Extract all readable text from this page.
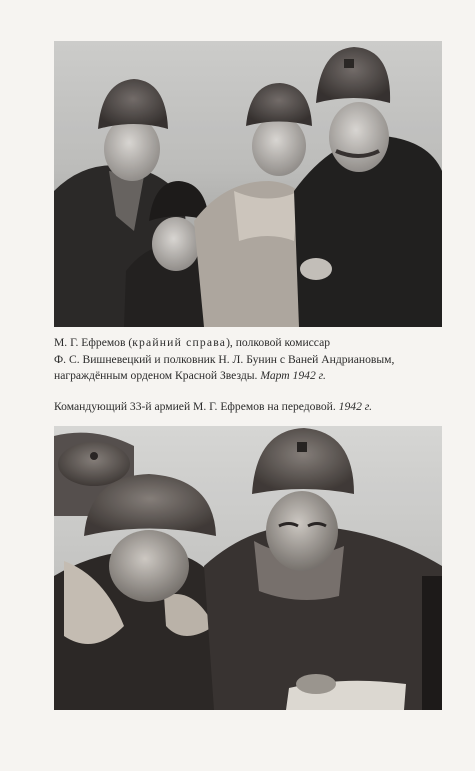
М. Г. Ефремов (крайний справа), полковой комиссар
Ф. С. Вишневецкий и полковник Н. Л. Бунин с Ваней Андриановым,
награждённым орденом Красной Звезды. Март 1942 г.

Командующий 33-й армией М. Г. Ефремов на передовой. 1942 г.
